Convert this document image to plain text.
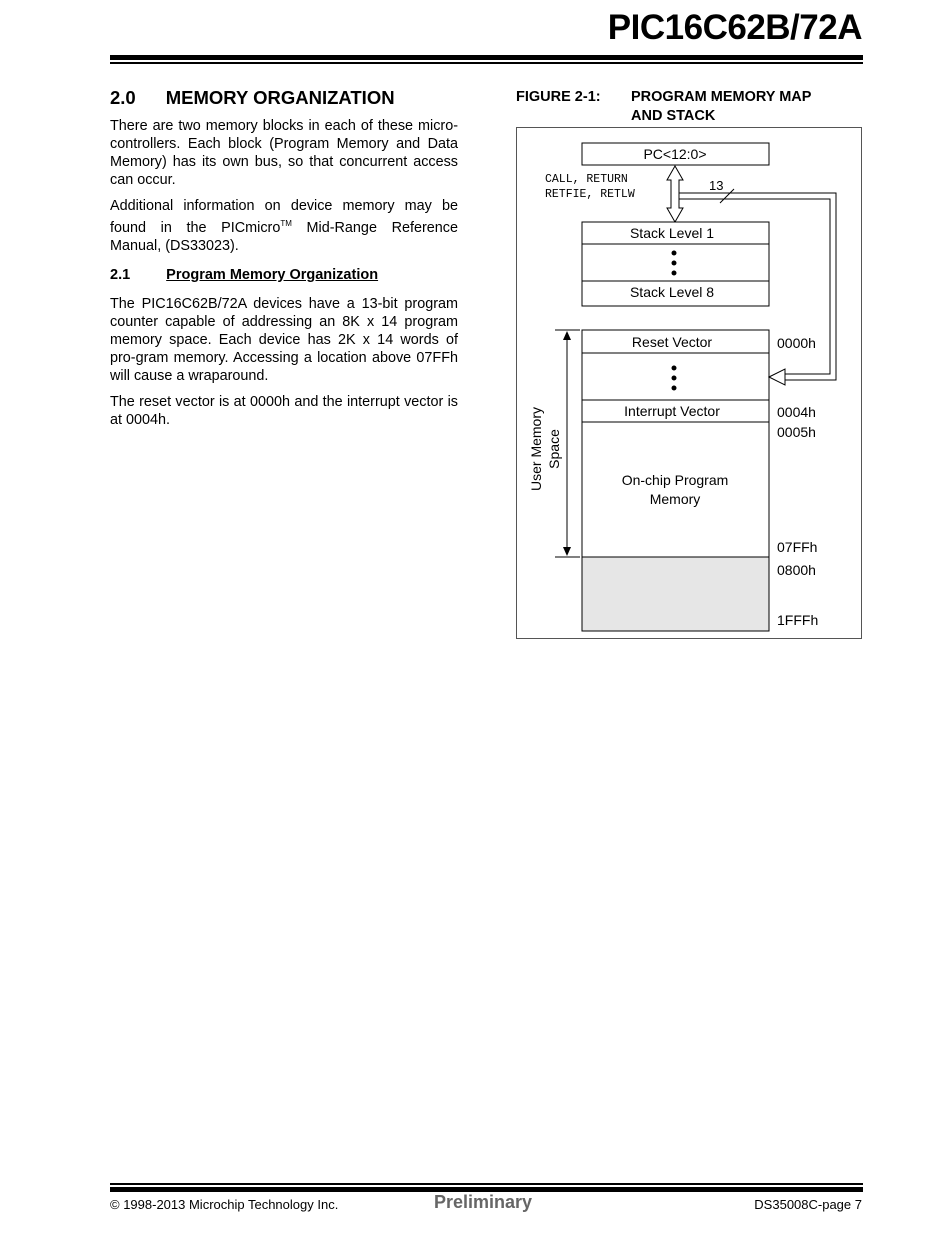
PIC16C62B/72A
2.0 MEMORY ORGANIZATION

There are two memory blocks in each of these micro-controllers. Each block (Program Memory and Data Memory) has its own bus, so that concurrent access can occur.

Additional information on device memory may be found in the PICmicro™ Mid-Range Reference Manual, (DS33023).

2.1 Program Memory Organization

The PIC16C62B/72A devices have a 13-bit program counter capable of addressing an 8K x 14 program memory space. Each device has 2K x 14 words of pro-gram memory. Accessing a location above 07FFh will cause a wraparound.

The reset vector is at 0000h and the interrupt vector is at 0004h.

FIGURE 2-1: PROGRAM MEMORY MAP
AND STACK
PC<12:0>
CALL, RETURN
RETFIE, RETLW
13
Stack Level 1
Stack Level 8
Reset Vector
Interrupt Vector
On-chip Program
Memory
0000h
0004h
0005h
07FFh
0800h
1FFFh
User Memory Space
© 1998-2013 Microchip Technology Inc.	Preliminary	DS35008C-page 7
